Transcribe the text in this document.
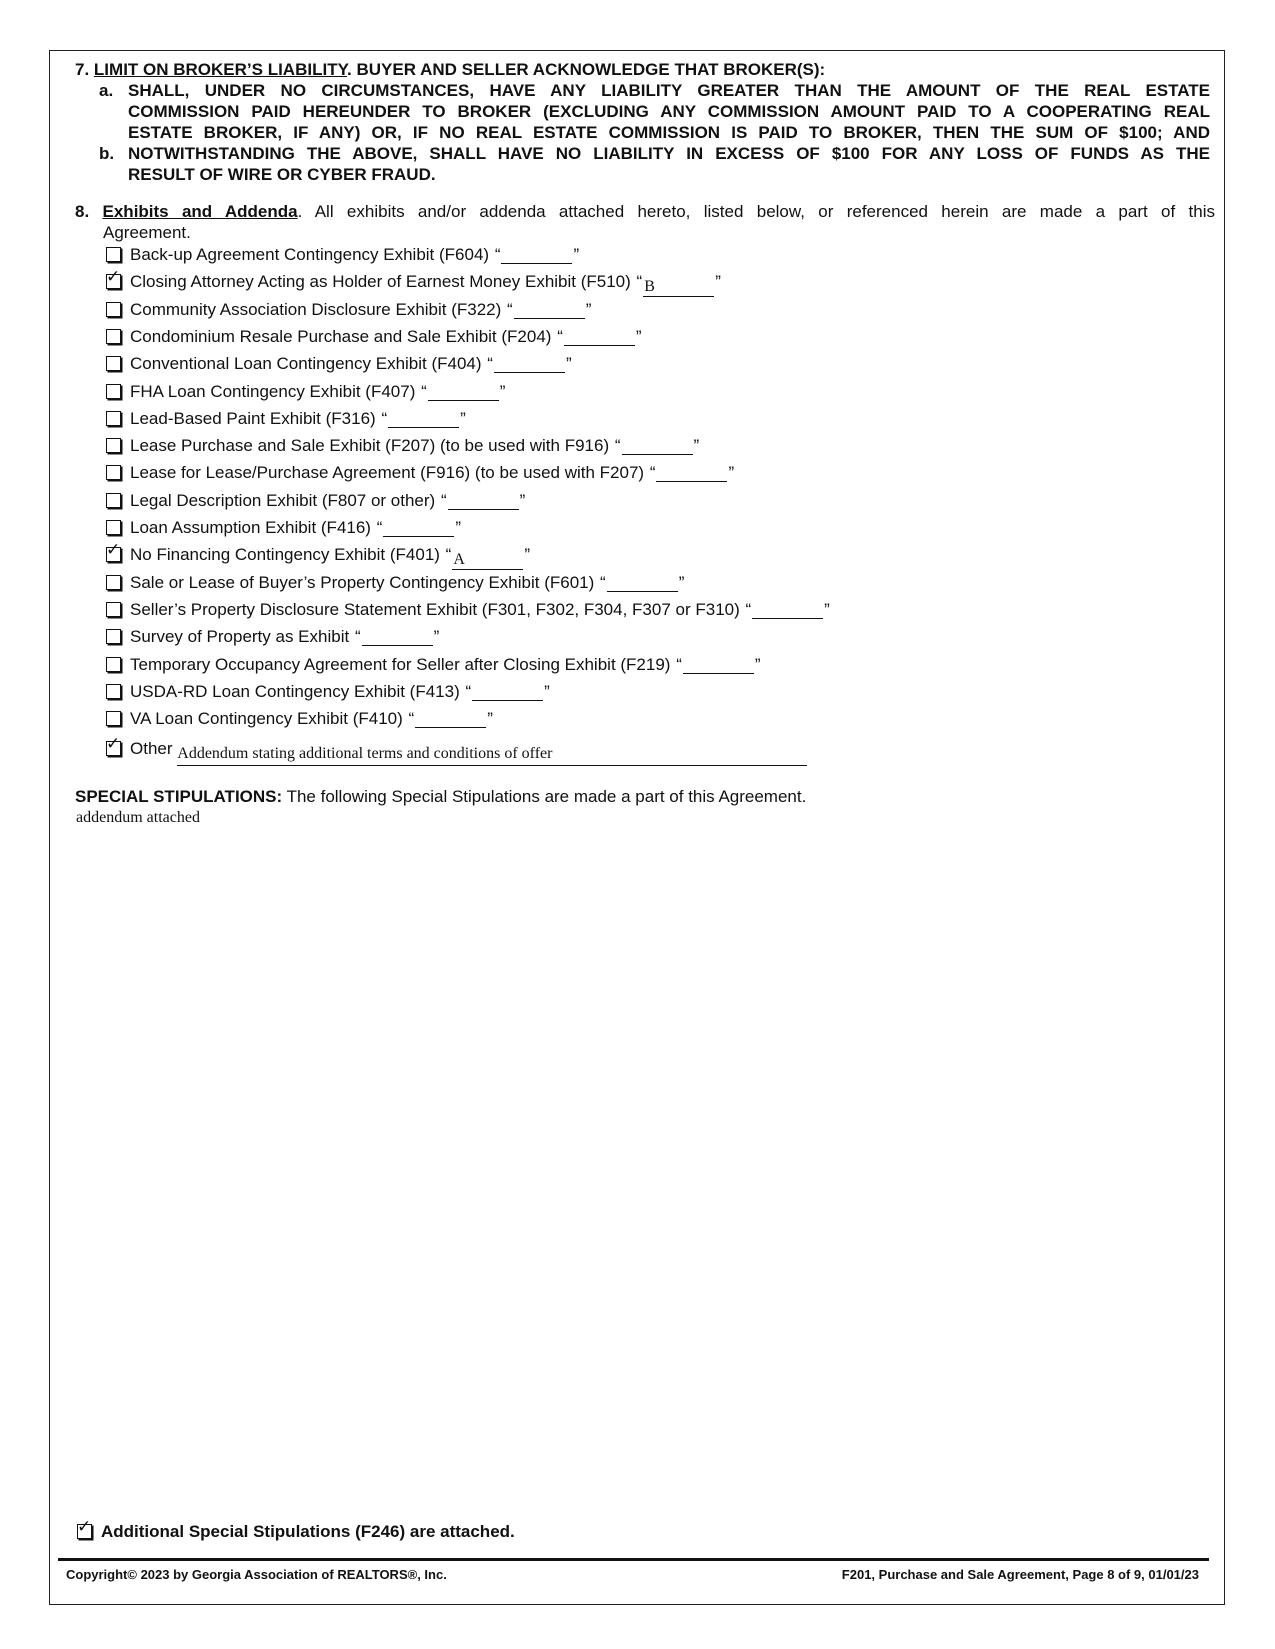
7. LIMIT ON BROKER’S LIABILITY. BUYER AND SELLER ACKNOWLEDGE THAT BROKER(S):
a. SHALL, UNDER NO CIRCUMSTANCES, HAVE ANY LIABILITY GREATER THAN THE AMOUNT OF THE REAL ESTATE
COMMISSION PAID HEREUNDER TO BROKER (EXCLUDING ANY COMMISSION AMOUNT PAID TO A COOPERATING REAL
ESTATE BROKER, IF ANY) OR, IF NO REAL ESTATE COMMISSION IS PAID TO BROKER, THEN THE SUM OF $100; AND
b. NOTWITHSTANDING THE ABOVE, SHALL HAVE NO LIABILITY IN EXCESS OF $100 FOR ANY LOSS OF FUNDS AS THE
RESULT OF WIRE OR CYBER FRAUD.
8. Exhibits and Addenda. All exhibits and/or addenda attached hereto, listed below, or referenced herein are made a part of this
Agreement.
Back-up Agreement Contingency Exhibit (F604) “	”
✓ Closing Attorney Acting as Holder of Earnest Money Exhibit (F510) “ B	”
Community Association Disclosure Exhibit (F322) “	”
Condominium Resale Purchase and Sale Exhibit (F204) “	”
Conventional Loan Contingency Exhibit (F404) “	”
FHA Loan Contingency Exhibit (F407) “	”
Lead-Based Paint Exhibit (F316) “	”
Lease Purchase and Sale Exhibit (F207) (to be used with F916) “	”
Lease for Lease/Purchase Agreement (F916) (to be used with F207) “	”
Legal Description Exhibit (F807 or other) “	”
Loan Assumption Exhibit (F416) “	”
✓ No Financing Contingency Exhibit (F401) “ A	”
Sale or Lease of Buyer’s Property Contingency Exhibit (F601) “	”
Seller’s Property Disclosure Statement Exhibit (F301, F302, F304, F307 or F310) “	”
Survey of Property as Exhibit “	”
Temporary Occupancy Agreement for Seller after Closing Exhibit (F219) “	”
USDA-RD Loan Contingency Exhibit (F413) “	”
VA Loan Contingency Exhibit (F410) “	”
✓ Other Addendum stating additional terms and conditions of offer
SPECIAL STIPULATIONS: The following Special Stipulations are made a part of this Agreement.
addendum attached
✓ Additional Special Stipulations (F246) are attached.
Copyright© 2023 by Georgia Association of REALTORS®, Inc.	F201, Purchase and Sale Agreement, Page 8 of 9, 01/01/23
